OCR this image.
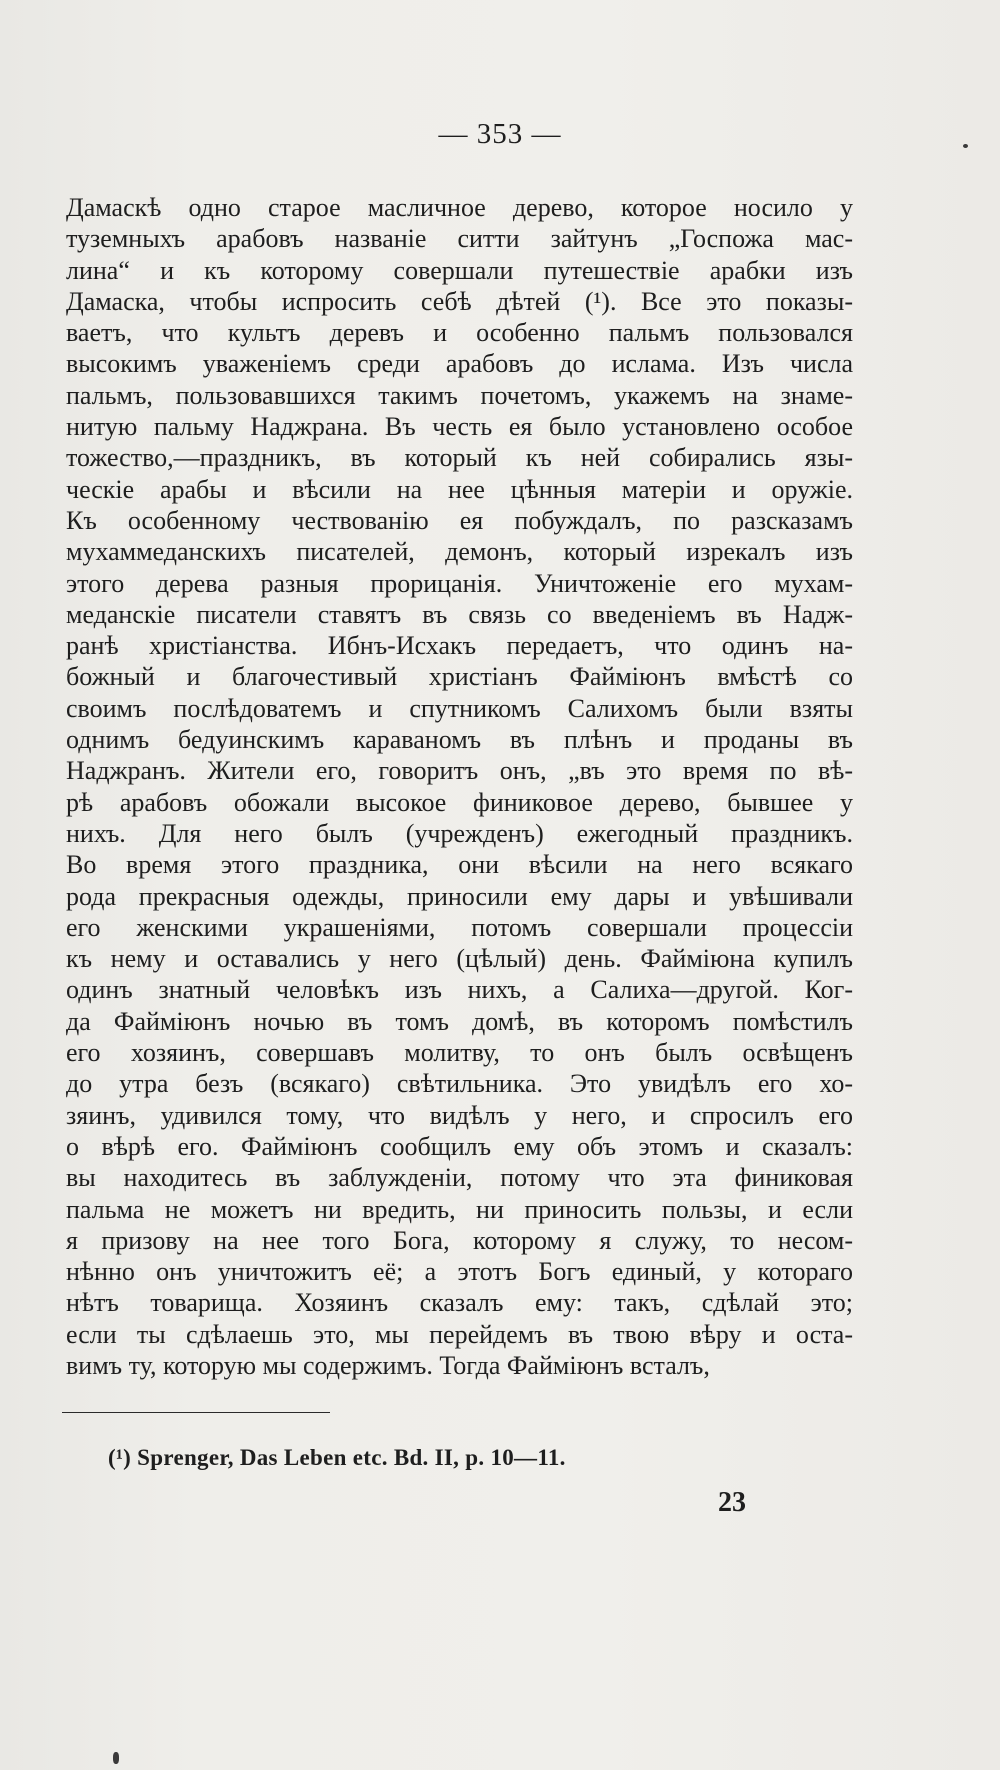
— 353 —
Дамаскѣ одно старое масличное дерево, которое носило у
туземныхъ арабовъ названіе ситти зайтунъ „Госпожа мас-
лина“ и къ которому совершали путешествіе арабки изъ
Дамаска, чтобы испросить себѣ дѣтей (¹). Все это показы-
ваетъ, что культъ деревъ и особенно пальмъ пользовался
высокимъ уваженіемъ среди арабовъ до ислама. Изъ числа
пальмъ, пользовавшихся такимъ почетомъ, укажемъ на знаме-
нитую пальму Наджрана. Въ честь ея было установлено особое
тожество,—праздникъ, въ который къ ней собирались язы-
ческіе арабы и вѣсили на нее цѣнныя матеріи и оружіе.
Къ особенному чествованію ея побуждалъ, по разсказамъ
мухаммеданскихъ писателей, демонъ, который изрекалъ изъ
этого дерева разныя прорицанія. Уничтоженіе его мухам-
меданскіе писатели ставятъ въ связь со введеніемъ въ Надж-
ранѣ христіанства. Ибнъ-Исхакъ передаетъ, что одинъ на-
божный и благочестивый христіанъ Файміюнъ вмѣстѣ со
своимъ послѣдоватемъ и спутникомъ Салихомъ были взяты
однимъ бедуинскимъ караваномъ въ плѣнъ и проданы въ
Наджранъ. Жители его, говоритъ онъ, „въ это время по вѣ-
рѣ арабовъ обожали высокое финиковое дерево, бывшее у
нихъ. Для него былъ (учрежденъ) ежегодный праздникъ.
Во время этого праздника, они вѣсили на него всякаго
рода прекрасныя одежды, приносили ему дары и увѣшивали
его женскими украшеніями, потомъ совершали процессіи
къ нему и оставались у него (цѣлый) день. Файміюна купилъ
одинъ знатный человѣкъ изъ нихъ, а Салиха—другой. Ког-
да Файміюнъ ночью въ томъ домѣ, въ которомъ помѣстилъ
его хозяинъ, совершавъ молитву, то онъ былъ освѣщенъ
до утра безъ (всякаго) свѣтильника. Это увидѣлъ его хо-
зяинъ, удивился тому, что видѣлъ у него, и спросилъ его
о вѣрѣ его. Файміюнъ сообщилъ ему объ этомъ и сказалъ:
вы находитесь въ заблужденіи, потому что эта финиковая
пальма не можетъ ни вредить, ни приносить пользы, и если
я призову на нее того Бога, которому я служу, то несом-
нѣнно онъ уничтожитъ её; а этотъ Богъ единый, у котораго
нѣтъ товарища. Хозяинъ сказалъ ему: такъ, сдѣлай это;
если ты сдѣлаешь это, мы перейдемъ въ твою вѣру и оста-
вимъ ту, которую мы содержимъ. Тогда Файміюнъ всталъ,
(¹) Sprenger, Das Leben etc. Bd. II, p. 10—11.
23
